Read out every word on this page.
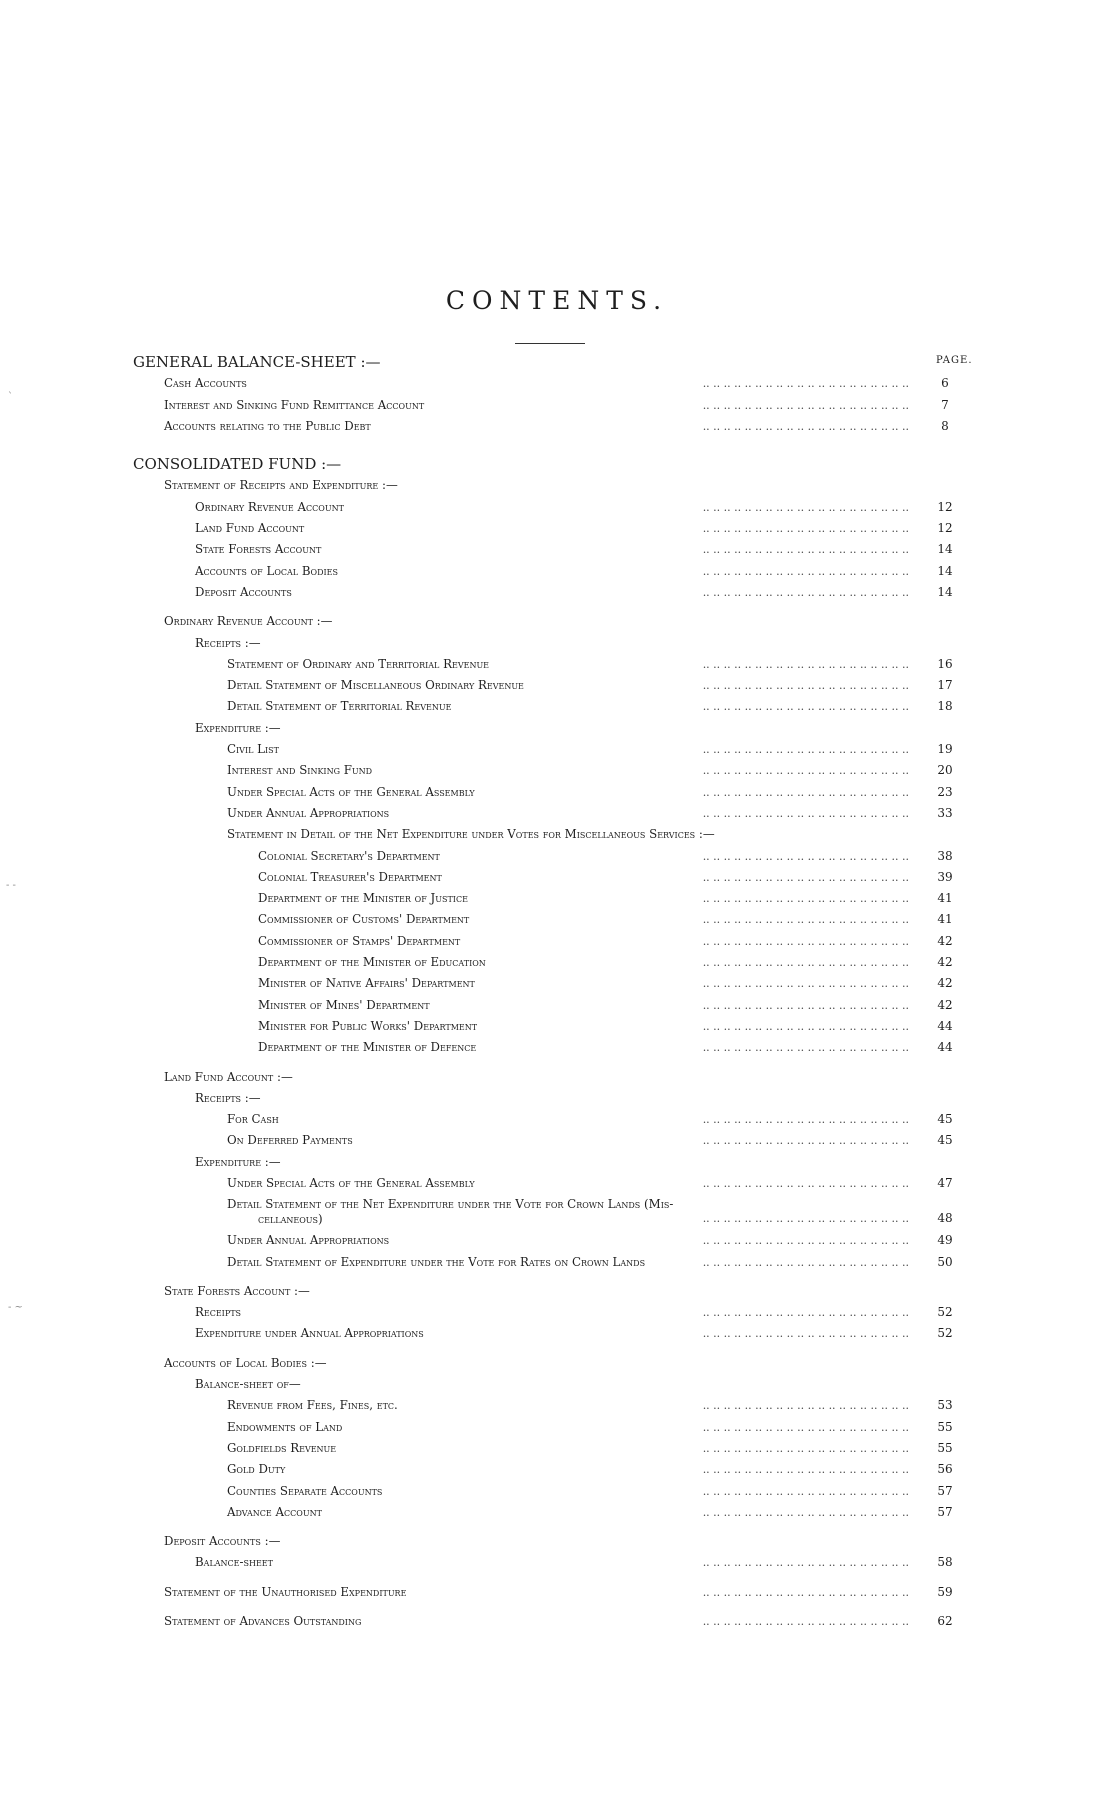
CONTENTS.
PAGE.
GENERAL BALANCE-SHEET :—
Cash Accounts	.. .. .. .. .. .. .. .. .. .. .. .. .. .. .. .. .. .. .. ..	6
Interest and Sinking Fund Remittance Account	.. .. .. .. .. .. .. .. .. .. .. .. .. .. .. .. .. .. .. ..	7
Accounts relating to the Public Debt	.. .. .. .. .. .. .. .. .. .. .. .. .. .. .. .. .. .. .. ..	8
CONSOLIDATED FUND :—
Statement of Receipts and Expenditure :—
Ordinary Revenue Account	.. .. .. .. .. .. .. .. .. .. .. .. .. .. .. .. .. .. .. ..	12
Land Fund Account	.. .. .. .. .. .. .. .. .. .. .. .. .. .. .. .. .. .. .. ..	12
State Forests Account	.. .. .. .. .. .. .. .. .. .. .. .. .. .. .. .. .. .. .. ..	14
Accounts of Local Bodies	.. .. .. .. .. .. .. .. .. .. .. .. .. .. .. .. .. .. .. ..	14
Deposit Accounts	.. .. .. .. .. .. .. .. .. .. .. .. .. .. .. .. .. .. .. ..	14
Ordinary Revenue Account :—
Receipts :—
Statement of Ordinary and Territorial Revenue	.. .. .. .. .. .. .. .. .. .. .. .. .. .. .. .. .. .. .. ..	16
Detail Statement of Miscellaneous Ordinary Revenue	.. .. .. .. .. .. .. .. .. .. .. .. .. .. .. .. .. .. .. ..	17
Detail Statement of Territorial Revenue	.. .. .. .. .. .. .. .. .. .. .. .. .. .. .. .. .. .. .. ..	18
Expenditure :—
Civil List	.. .. .. .. .. .. .. .. .. .. .. .. .. .. .. .. .. .. .. ..	19
Interest and Sinking Fund	.. .. .. .. .. .. .. .. .. .. .. .. .. .. .. .. .. .. .. ..	20
Under Special Acts of the General Assembly	.. .. .. .. .. .. .. .. .. .. .. .. .. .. .. .. .. .. .. ..	23
Under Annual Appropriations	.. .. .. .. .. .. .. .. .. .. .. .. .. .. .. .. .. .. .. ..	33
Statement in Detail of the Net Expenditure under Votes for Miscellaneous Services :—
Colonial Secretary's Department	.. .. .. .. .. .. .. .. .. .. .. .. .. .. .. .. .. .. .. ..	38
Colonial Treasurer's Department	.. .. .. .. .. .. .. .. .. .. .. .. .. .. .. .. .. .. .. ..	39
Department of the Minister of Justice	.. .. .. .. .. .. .. .. .. .. .. .. .. .. .. .. .. .. .. ..	41
Commissioner of Customs' Department	.. .. .. .. .. .. .. .. .. .. .. .. .. .. .. .. .. .. .. ..	41
Commissioner of Stamps' Department	.. .. .. .. .. .. .. .. .. .. .. .. .. .. .. .. .. .. .. ..	42
Department of the Minister of Education	.. .. .. .. .. .. .. .. .. .. .. .. .. .. .. .. .. .. .. ..	42
Minister of Native Affairs' Department	.. .. .. .. .. .. .. .. .. .. .. .. .. .. .. .. .. .. .. ..	42
Minister of Mines' Department	.. .. .. .. .. .. .. .. .. .. .. .. .. .. .. .. .. .. .. ..	42
Minister for Public Works' Department	.. .. .. .. .. .. .. .. .. .. .. .. .. .. .. .. .. .. .. ..	44
Department of the Minister of Defence	.. .. .. .. .. .. .. .. .. .. .. .. .. .. .. .. .. .. .. ..	44
Land Fund Account :—
Receipts :—
For Cash	.. .. .. .. .. .. .. .. .. .. .. .. .. .. .. .. .. .. .. ..	45
On Deferred Payments	.. .. .. .. .. .. .. .. .. .. .. .. .. .. .. .. .. .. .. ..	45
Expenditure :—
Under Special Acts of the General Assembly	.. .. .. .. .. .. .. .. .. .. .. .. .. .. .. .. .. .. .. ..	47
Detail Statement of the Net Expenditure under the Vote for Crown Lands (Mis-
cellaneous)	.. .. .. .. .. .. .. .. .. .. .. .. .. .. .. .. .. .. .. ..	48
Under Annual Appropriations	.. .. .. .. .. .. .. .. .. .. .. .. .. .. .. .. .. .. .. ..	49
Detail Statement of Expenditure under the Vote for Rates on Crown Lands	.. .. .. .. .. .. .. .. .. .. .. .. .. .. .. .. .. .. .. ..	50
State Forests Account :—
Receipts	.. .. .. .. .. .. .. .. .. .. .. .. .. .. .. .. .. .. .. ..	52
Expenditure under Annual Appropriations	.. .. .. .. .. .. .. .. .. .. .. .. .. .. .. .. .. .. .. ..	52
Accounts of Local Bodies :—
Balance-sheet of—
Revenue from Fees, Fines, etc.	.. .. .. .. .. .. .. .. .. .. .. .. .. .. .. .. .. .. .. ..	53
Endowments of Land	.. .. .. .. .. .. .. .. .. .. .. .. .. .. .. .. .. .. .. ..	55
Goldfields Revenue	.. .. .. .. .. .. .. .. .. .. .. .. .. .. .. .. .. .. .. ..	55
Gold Duty	.. .. .. .. .. .. .. .. .. .. .. .. .. .. .. .. .. .. .. ..	56
Counties Separate Accounts	.. .. .. .. .. .. .. .. .. .. .. .. .. .. .. .. .. .. .. ..	57
Advance Account	.. .. .. .. .. .. .. .. .. .. .. .. .. .. .. .. .. .. .. ..	57
Deposit Accounts :—
Balance-sheet	.. .. .. .. .. .. .. .. .. .. .. .. .. .. .. .. .. .. .. ..	58
Statement of the Unauthorised Expenditure	.. .. .. .. .. .. .. .. .. .. .. .. .. .. .. .. .. .. .. ..	59
Statement of Advances Outstanding	.. .. .. .. .. .. .. .. .. .. .. .. .. .. .. .. .. .. .. ..	62
`
- -
- ~
